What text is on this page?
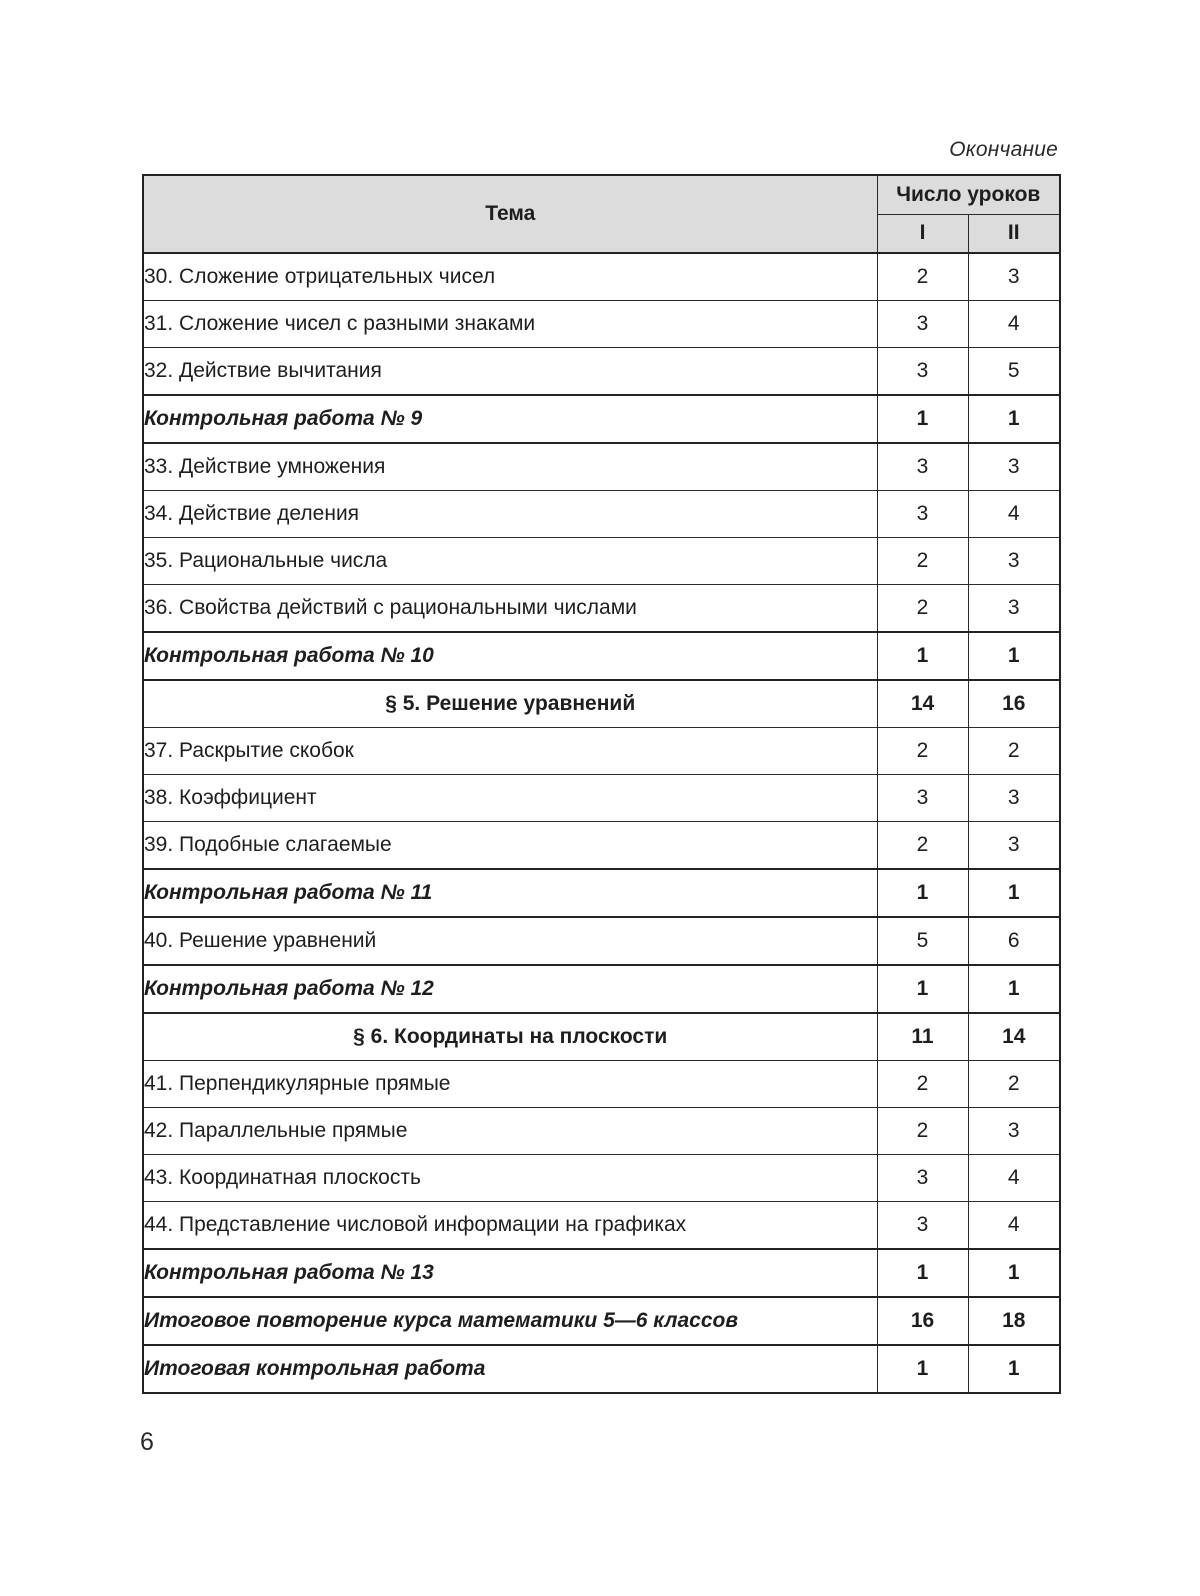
Окончание
Тема	Число уроков	
	I	II
30. Сложение отрицательных чисел	2	3
31. Сложение чисел с разными знаками	3	4
32. Действие вычитания	3	5
Контрольная работа № 9	1	1
33. Действие умножения	3	3
34. Действие деления	3	4
35. Рациональные числа	2	3
36. Свойства действий с рациональными числами	2	3
Контрольная работа № 10	1	1
§ 5. Решение уравнений	14	16
37. Раскрытие скобок	2	2
38. Коэффициент	3	3
39. Подобные слагаемые	2	3
Контрольная работа № 11	1	1
40. Решение уравнений	5	6
Контрольная работа № 12	1	1
§ 6. Координаты на плоскости	11	14
41. Перпендикулярные прямые	2	2
42. Параллельные прямые	2	3
43. Координатная плоскость	3	4
44. Представление числовой информации на графиках	3	4
Контрольная работа № 13	1	1
Итоговое повторение курса математики 5—6 классов	16	18
Итоговая контрольная работа	1	1
6
